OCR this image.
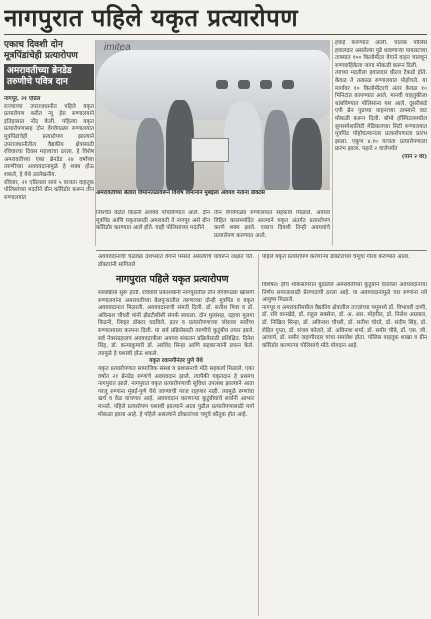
नागपुरात पहिले यकृत प्रत्यारोपण
एकाच दिवशी दोन मूत्रपिंडांचेही प्रत्यारोपण
अमरावतीच्या ब्रेनडेड तरुणीचे पवित्र दान
नागपूर, २१ एप्रिल
राज्याच्या उपराजधानीत पहिले यकृत प्रत्यारोपण करीत न्यू ईरा रुग्णालयाने इतिहासात नोंद केली. पहिल्या यकृत प्रत्यारोपणासह दोन वेगवेगळ्या रुग्णालयांत मूत्रपिंडांचेही प्रत्यारोपण झाल्याने उपराजधानीतील वैद्यकीय क्षेत्रासाठी रविवारचा दिवस महत्त्वाचा ठरला. हे विशेष अमरावतीच्या एका ब्रेनडेड २४ वर्षांच्या तरुणीच्या अवयवदानामुळे हे शक्य होऊ शकले, हे येथे उल्लेखनीय.
रविवार, २१ एप्रिलला सायं ५ वाजता वाहतूक पोलिसांच्या मदतीने ग्रीन कॉरिडोर करून तीन रुग्णालयांत
imitea
अमरावतीच्या बेलोरा विमानतळावरून विशेष विमानाने मुंबईला अवयव नेताना डॉक्टर्स
निश्चित वेळेत किडनी अवयव पोचविण्यात आले. दोन मूत्रपिंड आणि यकृतासाठी अमरावती ते नागपूर असे ग्रीन कॉरिडोर करण्यात आले होते. याही पोलिसांच्या मदतीने
तीन वेगवेगळ्या रुग्णालयांत सहकार्य मिळाले. अवयव विहित कालमर्यादेत आल्याने यकृत अंतर्गत प्रत्यारोपण करणे शक्य झाले. एकाच दिवशी तिन्ही अवयवांचे प्रत्यारोपण करण्यात आले.
हवाई करण्यात आली. चालक पोलिस हवालदार असलेल्या पुढे धावणाऱ्या पायलटच्या ताफ्यात १०० किलोमीटर वेगाने वाहन चालवून रुग्णवाहिकेला जागा मोकळी करून दिली.
त्याच्या मदतीला हवालदार धीरज टेकाडे होते. केवळ ते तत्काळ रुग्णालयात पोहोचले. या मार्गावर १० किलोमीटरचे अंतर केवळ १० मिनिटांत कापण्यात आले. मानवी वाहतुकीला थांबविण्यात पोलिसांना यश आले. दुसरीकडे एपी ब्रेन पुढच्या वाहनाच्या ताफ्याने वाट मोकळी करून दिली. बॉम्बे हॉस्पिटलमधील सुपरस्पेशालिटी मेडिकलच्या सिटी रुग्णालयात मूत्रपिंड पोहोचल्यानंतर प्रत्यारोपणाला प्रारंभ झाला. एकूण ४.१० वाजता प्रत्यारोपणाला प्रारंभ झाला. पहाटे २ वाजेपर्यंत
(पान २ वर)
अवयवदानाची चळवळ देशभरात वेगाने पसरत असल्याचे यावरून लक्षात येते. डॉक्टरांनी सांगितले
नागपुरात पहिले यकृत प्रत्यारोपण
शस्त्रक्रिया सुरू होती. रविवारी प्रकाशकेनी नागपूरातील तीन वेगवेगळ्या खासगी रुग्णालयांना अमरावतीच्या बेलपुऱ्यातील तरुणाच्या दोन्ही मूत्रपिंड व यकृत अवयवदानात मिळाली. अवयवदानाची संमती दिली. डॉ. सतीश मित्रा व डॉ. अविनाश चौधरी यांनी झेडटीसीसी संपर्क साधला. दोन मुलांसह, दहावा मुलगा किडनी, लिव्हर डॉक्टर घडविले. इतर व प्रत्यारोपणाच्या जोरावर सर्वोच्च रुग्णालयाला कल्पना दिली. या सर्व प्रक्रियेसाठी तरुणीचे कुटुंबीय तयार झाले. सर्व नेत्रसंग्रहालय अवयवदात्रीला अवयव संकलन प्रक्रियेसाठी प्रशिक्षित. दिनेश सिंह, डॉ. कन्याकुमारी डॉ. अरविंद सिन्हा आणि सहकाऱ्यांनी प्रयत्न केले. त्यामुळे हे यशस्वी होऊ शकले.
यकृत रवानगीनंतर पुणे येथे
यकृत प्रत्यारोपणात सामाजिक संस्था व प्रशासनाचे मोठे सहकार्य मिळाले. एका वर्षात २१ ब्रेनडेड रुग्णांचे अवयवदान झाले. त्यापैकी यकृतदान हे प्रथमच नागपुरात झाले. नागपुरात यकृत प्रत्यारोपणाची सुविधा उपलब्ध झाल्याने आता गरजू रुग्णांना मुंबई-पुणे येथे जाण्याची गरज राहणार नाही. त्यामुळे रुग्णांचा खर्च व वेळ वाचणार आहे. अवयवदान करणाऱ्या कुटुंबीयांचे सर्वांनी आभार मानले. पहिले प्रत्यारोपण यशस्वी झाल्याने आता पुढील प्रत्यारोपणासाठी मार्ग मोकळा झाला आहे. हे पहिले असल्याने डॉक्टरांच्या चमूचे कौतुक होत आहे.
पहिले यकृत प्रत्यारोपण करणाऱ्या डॉक्टरांच्या चमूचा गौरव करण्यात आला.
विशेषत: हीच शोकसागरात बुडालेले अमरावतीच्या कुटुंबाने घेतलेला अवयवदानाचा निर्णय समाजासाठी प्रेरणादायी ठरला आहे. या अवयवदानामुळे चार रुग्णांना नवे आयुष्य मिळाले.
नागपूर व अमरावतीमधील वैद्यकीय क्षेत्रातील तज्ज्ञांच्या चमूमध्ये डॉ. विभावरी दाणी, डॉ. रवि वानखेडे, डॉ. राहुल सक्सेना, डॉ. अ. आर. मोहरील, डॉ. निलेश अग्रवाल, डॉ. निखिल सिन्हा, डॉ. अविनाश चौधरी, डॉ. सतीश चोरडे, डॉ. संदीप सिंह, डॉ. रोहित गुप्ता, डॉ. संजय कोलते, डॉ. अविनाश शर्मा, डॉ. समीर चौबे, डॉ. एस. जी. आचार्य, डॉ. समीर जहागीरदार यांचा समावेश होता. पोलिस वाहतूक शाखा व ग्रीन कॉरिडोर करणाऱ्या पोलिसांचे मोठे योगदान आहे.
